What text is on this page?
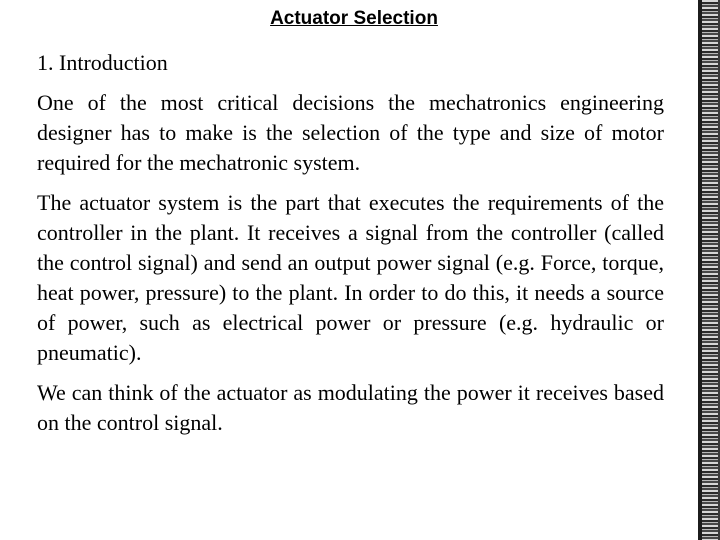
Actuator Selection
1. Introduction

One of the most critical decisions the mechatronics engineering designer has to make is the selection of the type and size of motor required for the mechatronic system.

The actuator system is the part that executes the requirements of the controller in the plant. It receives a signal from the controller (called the control signal) and send an output power signal (e.g. Force, torque, heat power, pressure) to the plant. In order to do this, it needs a source of power, such as electrical power or pressure (e.g. hydraulic or pneumatic).

We can think of the actuator as modulating the power it receives based on the control signal.
